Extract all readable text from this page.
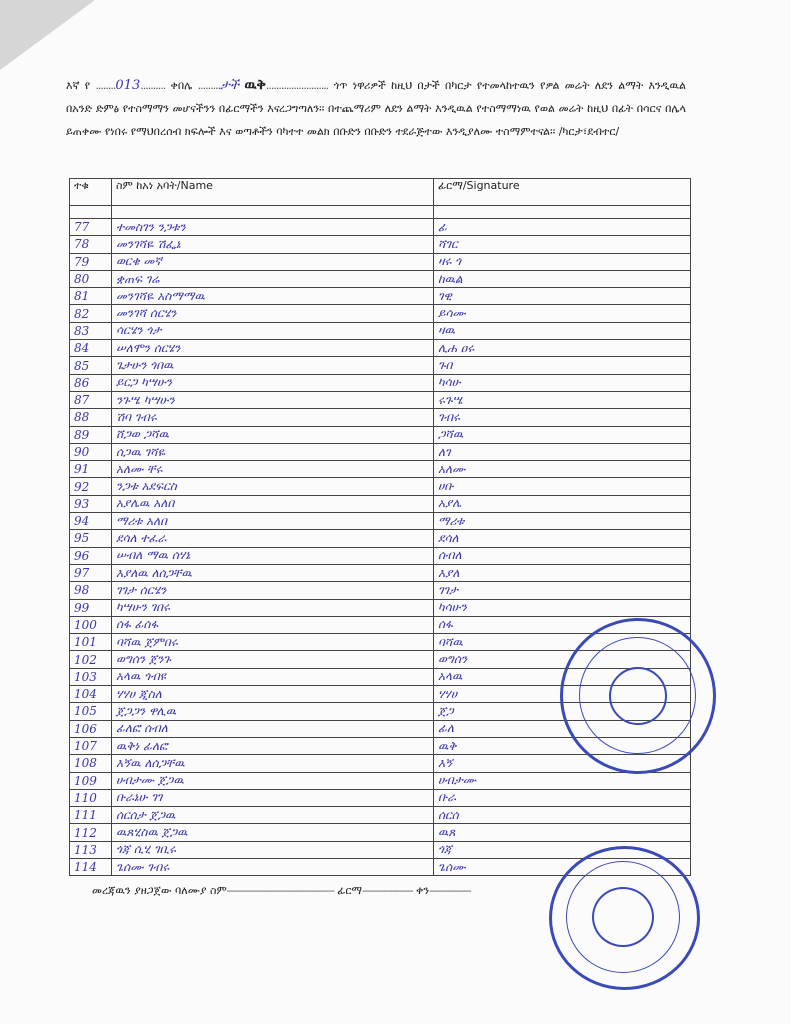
እኛ የ ........013.......... ቀበሌ .........ታች ዉቅ......................... ጎጥ ነዋሪዎች ከዚህ በታች በካርታ የተመላከተዉን የዎል መሬት ለደን ልማት እንዲዉል በአንድ ድምፅ የተስማማን መሆናችንን በፊርማችን እናረጋግጣለን፡፡ በተጨማሪም ለደን ልማት እንዲዉል የተስማማነዉ የወል መሬት ከዚህ በፊት በሳርና በሌላ ይጠቀሙ የነበሩ የማህበረሰብ ክፍሎች እና ወጣቶችን ባካተተ መልክ በቡድን በቡድን ተደራጅተው እንዲያለሙ ተስማምተናል፡፡ /ካርታ፣ደብተር/
ተቁ	ስም ከአነ አባት/Name	ፊርማ/Signature

77	ተመስገን ንጋቱን	ፊ
78	መንገሻዬ ሽፌኔ	ሻገር
79	ወርቄ መኛ	ዛሩ ጎ
80	ቋጠፍ ገሬ	ከዉል
81	መንገሻዬ አስማማዉ	ገዊ
82	መንገሻ ሰርሄን	ይሳሙ
83	ሳርሄን ጎታ	ዛዉ
84	ሠለሞን ሰርሄን	ሊሐ ዐሩ
85	ጌታሁን ጎበዉ	ጉበ
86	ይርጋ ካሣሁን	ካሳሁ
87	ንጉሤ ካሣሁን	ሩጉሤ
88	ሽባ ገብሩ	ገብሩ
89	ሸጋወ ጋሻዉ	ጋሻዉ
90	ሰጋዉ ገሻዬ	ለገ
91	አለሙ ቸሩ	አለሙ
92	ንጋቱ አደፍርስ	ሀቡ
93	አያሌዉ አለበ	አያሌ
94	ማሪቱ አለበ	ማሪቱ
95	ደሳለ ተፈራ	ደሳለ
96	ሠብለ ማዉ ሰሃኔ	ሰብለ
97	እያለዉ ለሰጋቸዉ	እያለ
98	ገገታ ሰርሄን	ገገታ
99	ካሣሁን ገበሩ	ካሳሁን
100	ሰፋ ፊሰፋ	ሰፋ
101	ባሻዉ ጀምበሩ	ባሻዉ
102	ወግሰን ጀንጉ	ወግሰን
103	አላዉ ጎብዩ	አላዉ
104	ሃሃሀ ጂስለ	ሃሃሀ
105	ጀጋጋን ዋሊዉ	ጀጋ
106	ፊለፎ ሰብለ	ፊለ
107	ዉቅነ ፊለፎ	ዉቅ
108	እኝዉ ለሰጋቸዉ	እኝ
109	ሀብታሙ ጀጋዉ	ሀብታሙ
110	ቡራኔሁ ገገ	ቡራ
111	ሰርሰታ ጀጋዉ	ሰርሰ
112	ዉጸሂስዉ ጀጋዉ	ዉጸ
113	ጎጃ ሲሂ ገቢሩ	ጎጃ
114	ጌሰሙ ገብሩ	ጌሰሙ
መረጃዉን ያዘጋጀው ባለሙያ ስም------------------------------------ ፊርማ----------------- ቀን--------------
